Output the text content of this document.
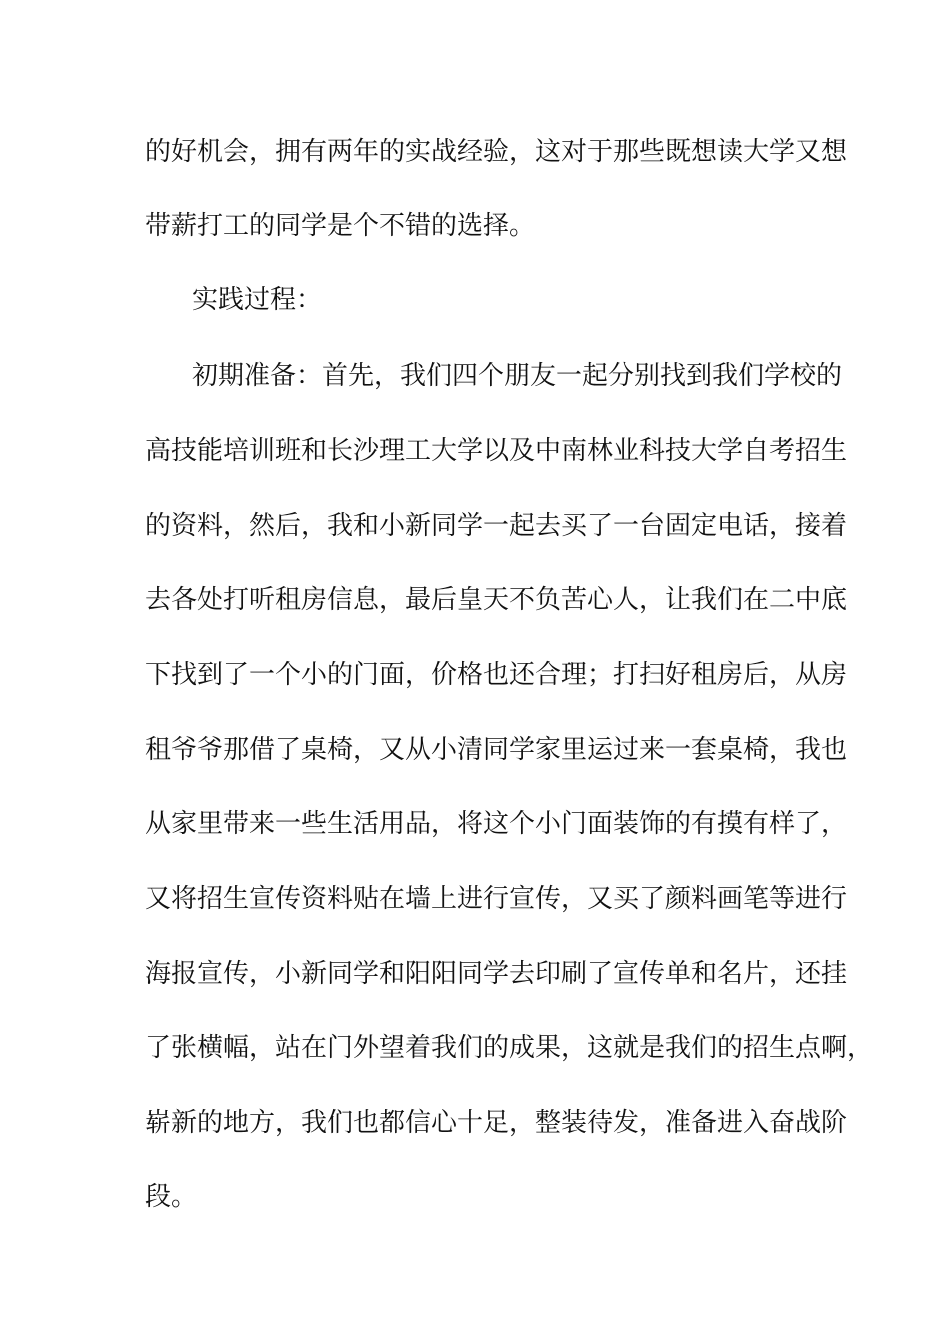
的好机会，拥有两年的实战经验，这对于那些既想读大学又想
带薪打工的同学是个不错的选择。
实践过程：
初期准备：首先，我们四个朋友一起分别找到我们学校的
高技能培训班和长沙理工大学以及中南林业科技大学自考招生
的资料，然后，我和小新同学一起去买了一台固定电话，接着
去各处打听租房信息，最后皇天不负苦心人，让我们在二中底
下找到了一个小的门面，价格也还合理；打扫好租房后，从房
租爷爷那借了桌椅，又从小清同学家里运过来一套桌椅，我也
从家里带来一些生活用品，将这个小门面装饰的有摸有样了，
又将招生宣传资料贴在墙上进行宣传，又买了颜料画笔等进行
海报宣传，小新同学和阳阳同学去印刷了宣传单和名片，还挂
了张横幅，站在门外望着我们的成果，这就是我们的招生点啊，
崭新的地方，我们也都信心十足，整装待发，准备进入奋战阶
段。
